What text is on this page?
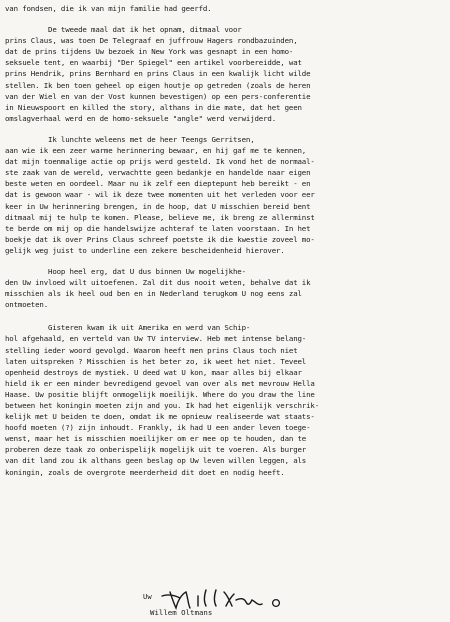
van fondsen, die ik van mijn familie had geerfd.
De tweede maal dat ik het opnam, ditmaal voor
prins Claus, was toen De Telegraaf en juffrouw Hagers rondbazuinden,
dat de prins tijdens Uw bezoek in New York was gesnapt in een homo-
seksuele tent, en waarbij "Der Spiegel" een artikel voorbereidde, wat
prins Hendrik, prins Bernhard en prins Claus in een kwalijk licht wilde
stellen. Ik ben toen geheel op eigen houtje op getreden (zoals de heren
van der Wiel en van der Vost kunnen bevestigen) op een pers-conferentie
in Nieuwspoort en killed the story, althans in die mate, dat het geen
omslagverhaal werd en de homo-seksuele "angle" werd verwijderd.
Ik lunchte weleens met de heer Teengs Gerritsen,
aan wie ik een zeer warme herinnering bewaar, en hij gaf me te kennen,
dat mijn toenmalige actie op prijs werd gesteld. Ik vond het de normaal-
ste zaak van de wereld, verwachtte geen bedankje en handelde naar eigen
beste weten en oordeel. Maar nu ik zelf een dieptepunt heb bereikt - en
dat is gewoon waar - wil ik deze twee momenten uit het verleden voor eer
keer in Uw herinnering brengen, in de hoop, dat U misschien bereid bent
ditmaal mij te hulp te komen. Please, believe me, ik breng ze allerminst
te berde om mij op die handelswijze achteraf te laten voorstaan. In het
boekje dat ik over Prins Claus schreef poetste ik die kwestie zoveel mo-
gelijk weg juist to underline een zekere bescheidenheid hierover.
Hoop heel erg, dat U dus binnen Uw mogelijkhe-
den Uw invloed wilt uitoefenen. Zal dit dus nooit weten, behalve dat ik
misschien als ik heel oud ben en in Nederland terugkom U nog eens zal
ontmoeten.
Gisteren kwam ik uit Amerika en werd van Schip-
hol afgehaald, en verteld van Uw TV interview. Heb met intense belang-
stelling ieder woord gevolgd. Waarom heeft men prins Claus toch niet
laten uitspreken ? Misschien is het beter zo, ik weet het niet. Teveel
openheid destroys de mystiek. U deed wat U kon, maar alles bij elkaar
hield ik er een minder bevredigend gevoel van over als met mevrouw Hella
Haase. Uw positie blijft onmogelijk moeilijk. Where do you draw the line
between het koningin moeten zijn and you. Ik had het eigenlijk verschrik-
kelijk met U beiden te doen, omdat ik me opnieuw realiseerde wat staats-
hoofd moeten (?) zijn inhoudt. Frankly, ik had U een ander leven toege-
wenst, maar het is misschien moeilijker om er mee op te houden, dan te
proberen deze taak zo onberispelijk mogelijk uit te voeren. Als burger
van dit land zou ik althans geen beslag op Uw leven willen leggen, als
koningin, zoals de overgrote meerderheid dit doet en nodig heeft.
Uw
Willem Oltmans
